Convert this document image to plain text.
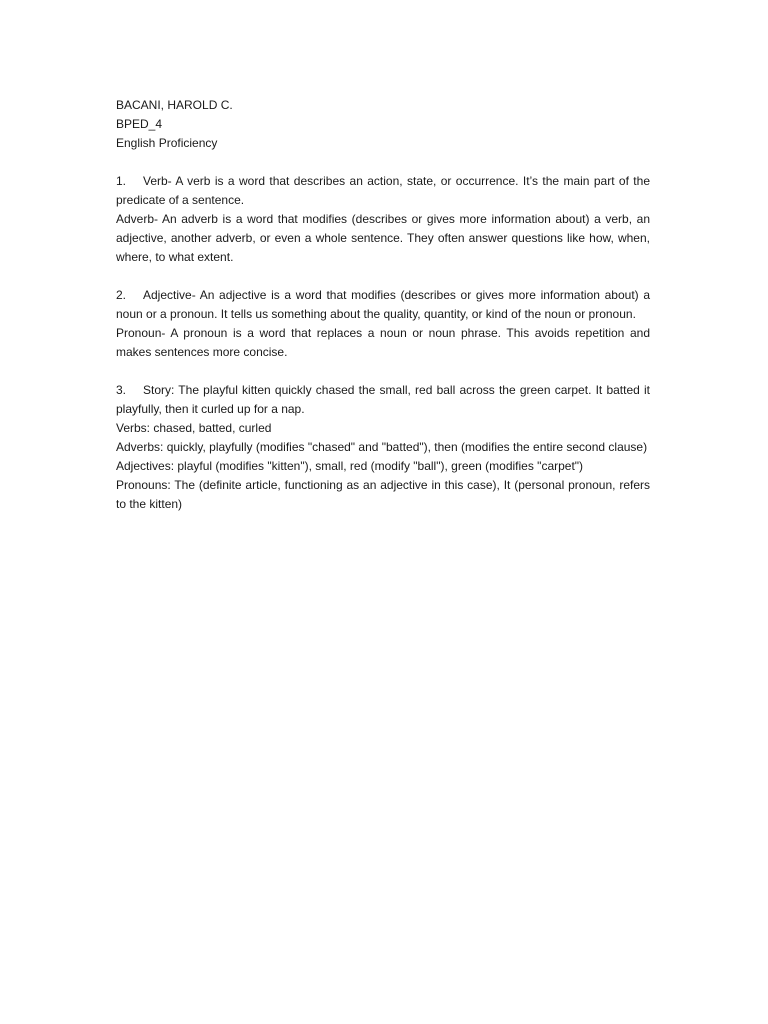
BACANI, HAROLD C.

BPED_4

English Proficiency

1. Verb- A verb is a word that describes an action, state, or occurrence. It’s the main part of the predicate of a sentence.

Adverb- An adverb is a word that modifies (describes or gives more information about) a verb, an adjective, another adverb, or even a whole sentence. They often answer questions like how, when, where, to what extent.

2. Adjective- An adjective is a word that modifies (describes or gives more information about) a noun or a pronoun. It tells us something about the quality, quantity, or kind of the noun or pronoun.

Pronoun- A pronoun is a word that replaces a noun or noun phrase. This avoids repetition and makes sentences more concise.

3. Story: The playful kitten quickly chased the small, red ball across the green carpet. It batted it playfully, then it curled up for a nap.

Verbs: chased, batted, curled

Adverbs: quickly, playfully (modifies "chased" and "batted"), then (modifies the entire second clause)

Adjectives: playful (modifies "kitten"), small, red (modify "ball"), green (modifies "carpet")

Pronouns: The (definite article, functioning as an adjective in this case), It (personal pronoun, refers to the kitten)
